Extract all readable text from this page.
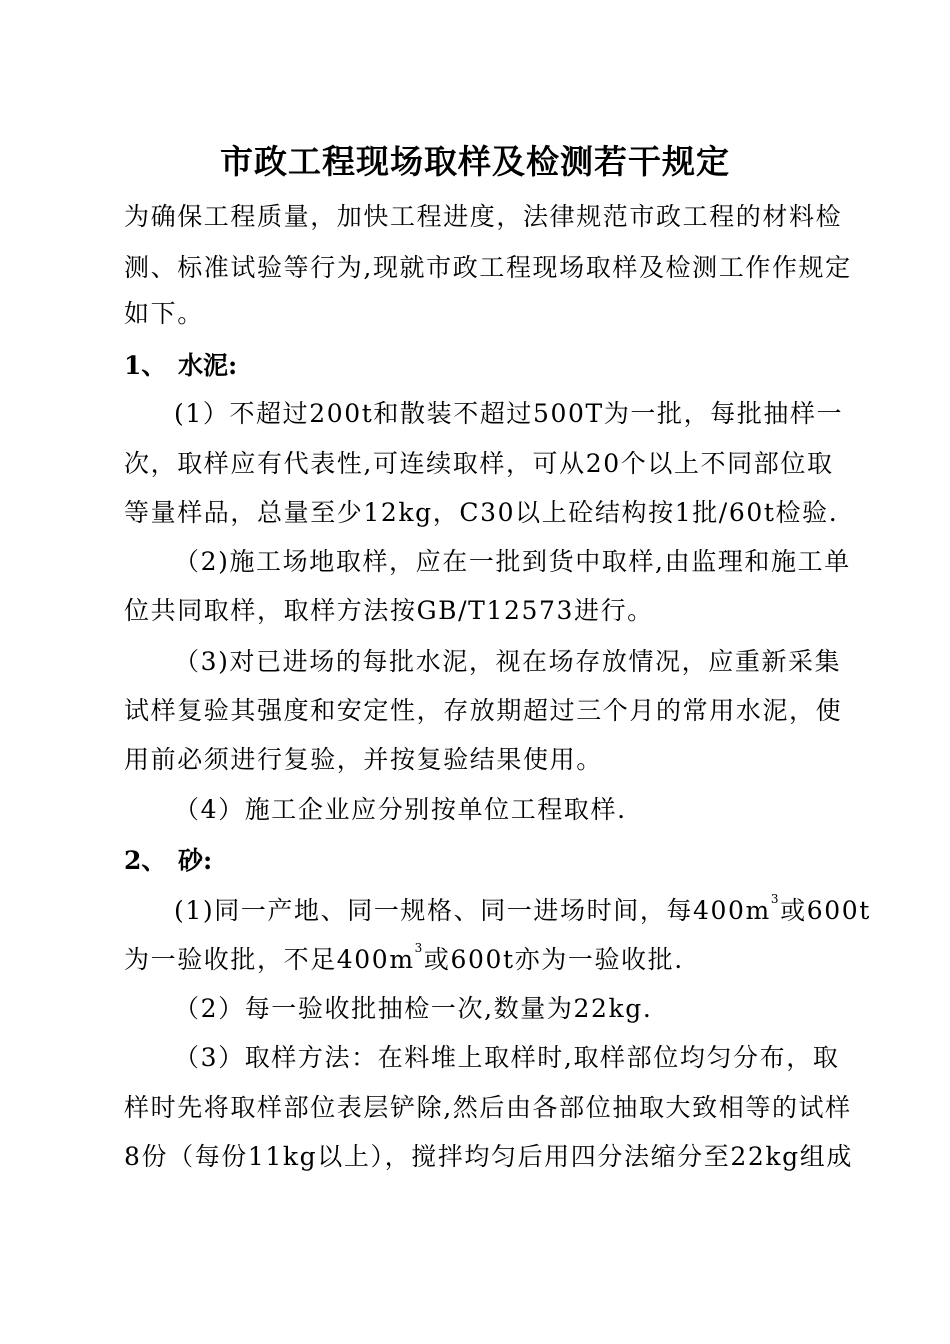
市政工程现场取样及检测若干规定
为确保工程质量，加快工程进度，法律规范市政工程的材料检
测、标准试验等行为,现就市政工程现场取样及检测工作作规定
如下。
1、 水泥:
(1）不超过200t和散装不超过500T为一批，每批抽样一
次，取样应有代表性,可连续取样，可从20个以上不同部位取
等量样品，总量至少12kg，C30以上砼结构按1批/60t检验.
（2)施工场地取样，应在一批到货中取样,由监理和施工单
位共同取样，取样方法按GB/T12573进行。
（3)对已进场的每批水泥，视在场存放情况，应重新采集
试样复验其强度和安定性，存放期超过三个月的常用水泥，使
用前必须进行复验，并按复验结果使用。
（4）施工企业应分别按单位工程取样.
2、 砂:
(1)同一产地、同一规格、同一进场时间，每$400m^3$或600t
为一验收批，不足$400m^3$或600t亦为一验收批.
（2）每一验收批抽检一次,数量为22kg.
（3）取样方法：在料堆上取样时,取样部位均匀分布，取
样时先将取样部位表层铲除,然后由各部位抽取大致相等的试样
8份（每份11kg以上），搅拌均匀后用四分法缩分至22kg组成
